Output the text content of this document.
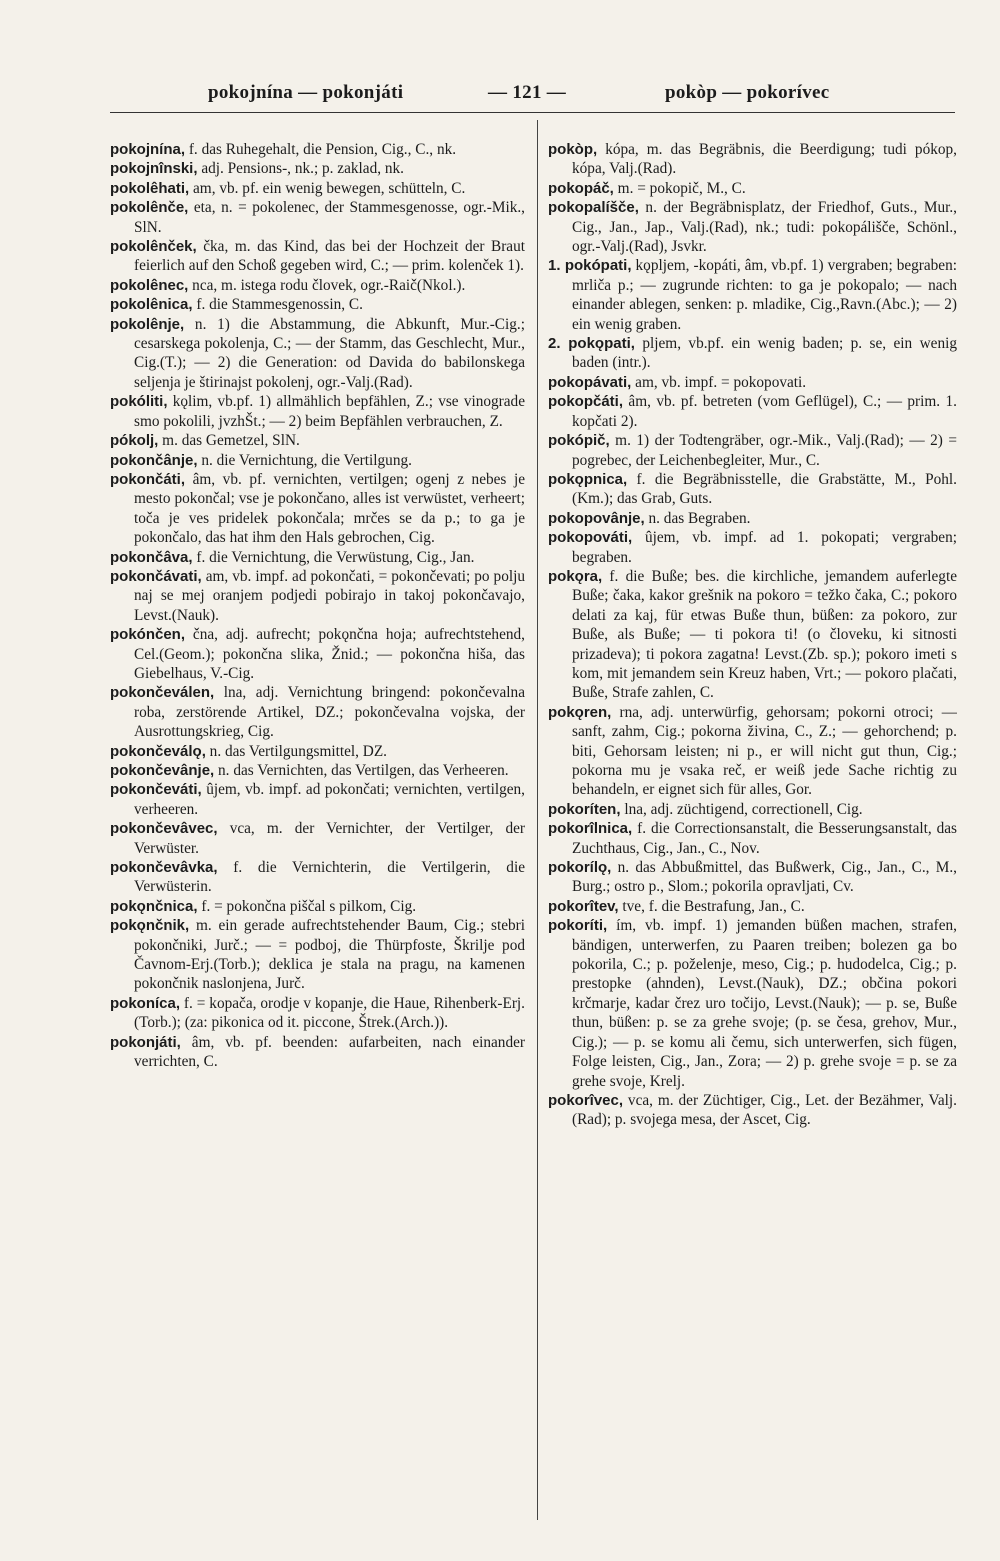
pokojnína — pokonjáti	— 121 —	pokòp — pokorívec

pokojnína, f. das Ruhegehalt, die Pension, Cig., C., nk.

pokojnînski, adj. Pensions-, nk.; p. zaklad, nk.

pokolêhati, am, vb. pf. ein wenig bewegen, schütteln, C.

pokolênče, eta, n. = pokolenec, der Stammesgenosse, ogr.-Mik., SlN.

pokolênček, čka, m. das Kind, das bei der Hochzeit der Braut feierlich auf den Schoß gegeben wird, C.; — prim. kolenček 1).

pokolênec, nca, m. istega rodu človek, ogr.-Raič(Nkol.).

pokolênica, f. die Stammesgenossin, C.

pokolênje, n. 1) die Abstammung, die Abkunft, Mur.-Cig.; cesarskega pokolenja, C.; — der Stamm, das Geschlecht, Mur., Cig.(T.); — 2) die Generation: od Davida do babilonskega seljenja je štirinajst pokolenj, ogr.-Valj.(Rad).

pokóliti, kǫlim, vb.pf. 1) allmählich bepfählen, Z.; vse vinograde smo pokolili, jvzhŠt.; — 2) beim Bepfählen verbrauchen, Z.

pókolj, m. das Gemetzel, SlN.

pokončânje, n. die Vernichtung, die Vertilgung.

pokončáti, âm, vb. pf. vernichten, vertilgen; ogenj z nebes je mesto pokončal; vse je pokončano, alles ist verwüstet, verheert; toča je ves pridelek pokončala; mrčes se da p.; to ga je pokončalo, das hat ihm den Hals gebrochen, Cig.

pokončâva, f. die Vernichtung, die Verwüstung, Cig., Jan.

pokončávati, am, vb. impf. ad pokončati, = pokončevati; po polju naj se mej oranjem podjedi pobirajo in takoj pokončavajo, Levst.(Nauk).

pokónčen, čna, adj. aufrecht; pokǫnčna hoja; aufrechtstehend, Cel.(Geom.); pokončna slika, Žnid.; — pokončna hiša, das Giebelhaus, V.-Cig.

pokončeválen, lna, adj. Vernichtung bringend: pokončevalna roba, zerstörende Artikel, DZ.; pokončevalna vojska, der Ausrottungskrieg, Cig.

pokončeválǫ, n. das Vertilgungsmittel, DZ.

pokončevânje, n. das Vernichten, das Vertilgen, das Verheeren.

pokončeváti, ûjem, vb. impf. ad pokončati; vernichten, vertilgen, verheeren.

pokončevâvec, vca, m. der Vernichter, der Vertilger, der Verwüster.

pokončevâvka, f. die Vernichterin, die Vertilgerin, die Verwüsterin.

pokǫnčnica, f. = pokončna piščal s pilkom, Cig.

pokǫnčnik, m. ein gerade aufrechtstehender Baum, Cig.; stebri pokončniki, Jurč.; — = podboj, die Thürpfoste, Škrilje pod Čavnom-Erj.(Torb.); deklica je stala na pragu, na kamenen pokončnik naslonjena, Jurč.

pokoníca, f. = kopača, orodje v kopanje, die Haue, Rihenberk-Erj.(Torb.); (za: pikonica od it. piccone, Štrek.(Arch.)).

pokonjáti, âm, vb. pf. beenden: aufarbeiten, nach einander verrichten, C.

pokòp, kópa, m. das Begräbnis, die Beerdigung; tudi pókop, kópa, Valj.(Rad).

pokopáč, m. = pokopič, M., C.

pokopalíšče, n. der Begräbnisplatz, der Friedhof, Guts., Mur., Cig., Jan., Jap., Valj.(Rad), nk.; tudi: pokopálišče, Schönl., ogr.-Valj.(Rad), Jsvkr.

1. pokópati, kǫpljem, -kopáti, âm, vb.pf. 1) vergraben; begraben: mrliča p.; — zugrunde richten: to ga je pokopalo; — nach einander ablegen, senken: p. mladike, Cig.,Ravn.(Abc.); — 2) ein wenig graben.

2. pokǫpati, pljem, vb.pf. ein wenig baden; p. se, ein wenig baden (intr.).

pokopávati, am, vb. impf. = pokopovati.

pokopčáti, âm, vb. pf. betreten (vom Geflügel), C.; — prim. 1. kopčati 2).

pokópič, m. 1) der Todtengräber, ogr.-Mik., Valj.(Rad); — 2) = pogrebec, der Leichenbegleiter, Mur., C.

pokǫpnica, f. die Begräbnisstelle, die Grabstätte, M., Pohl.(Km.); das Grab, Guts.

pokopovânje, n. das Begraben.

pokopováti, ûjem, vb. impf. ad 1. pokopati; vergraben; begraben.

pokǫra, f. die Buße; bes. die kirchliche, jemandem auferlegte Buße; čaka, kakor grešnik na pokoro = težko čaka, C.; pokoro delati za kaj, für etwas Buße thun, büßen: za pokoro, zur Buße, als Buße; — ti pokora ti! (o človeku, ki sitnosti prizadeva); ti pokora zagatna! Levst.(Zb. sp.); pokoro imeti s kom, mit jemandem sein Kreuz haben, Vrt.; — pokoro plačati, Buße, Strafe zahlen, C.

pokǫren, rna, adj. unterwürfig, gehorsam; pokorni otroci; — sanft, zahm, Cig.; pokorna živina, C., Z.; — gehorchend; p. biti, Gehorsam leisten; ni p., er will nicht gut thun, Cig.; pokorna mu je vsaka reč, er weiß jede Sache richtig zu behandeln, er eignet sich für alles, Gor.

pokoríten, lna, adj. züchtigend, correctionell, Cig.

pokorîlnica, f. die Correctionsanstalt, die Besserungsanstalt, das Zuchthaus, Cig., Jan., C., Nov.

pokorílǫ, n. das Abbußmittel, das Bußwerk, Cig., Jan., C., M., Burg.; ostro p., Slom.; pokorila opravljati, Cv.

pokorîtev, tve, f. die Bestrafung, Jan., C.

pokoríti, ím, vb. impf. 1) jemanden büßen machen, strafen, bändigen, unterwerfen, zu Paaren treiben; bolezen ga bo pokorila, C.; p. poželenje, meso, Cig.; p. hudodelca, Cig.; p. prestopke (ahnden), Levst.(Nauk), DZ.; občina pokori krčmarje, kadar črez uro točijo, Levst.(Nauk); — p. se, Buße thun, büßen: p. se za grehe svoje; (p. se česa, grehov, Mur., Cig.); — p. se komu ali čemu, sich unterwerfen, sich fügen, Folge leisten, Cig., Jan., Zora; — 2) p. grehe svoje = p. se za grehe svoje, Krelj.

pokorîvec, vca, m. der Züchtiger, Cig., Let. der Bezähmer, Valj.(Rad); p. svojega mesa, der Ascet, Cig.
